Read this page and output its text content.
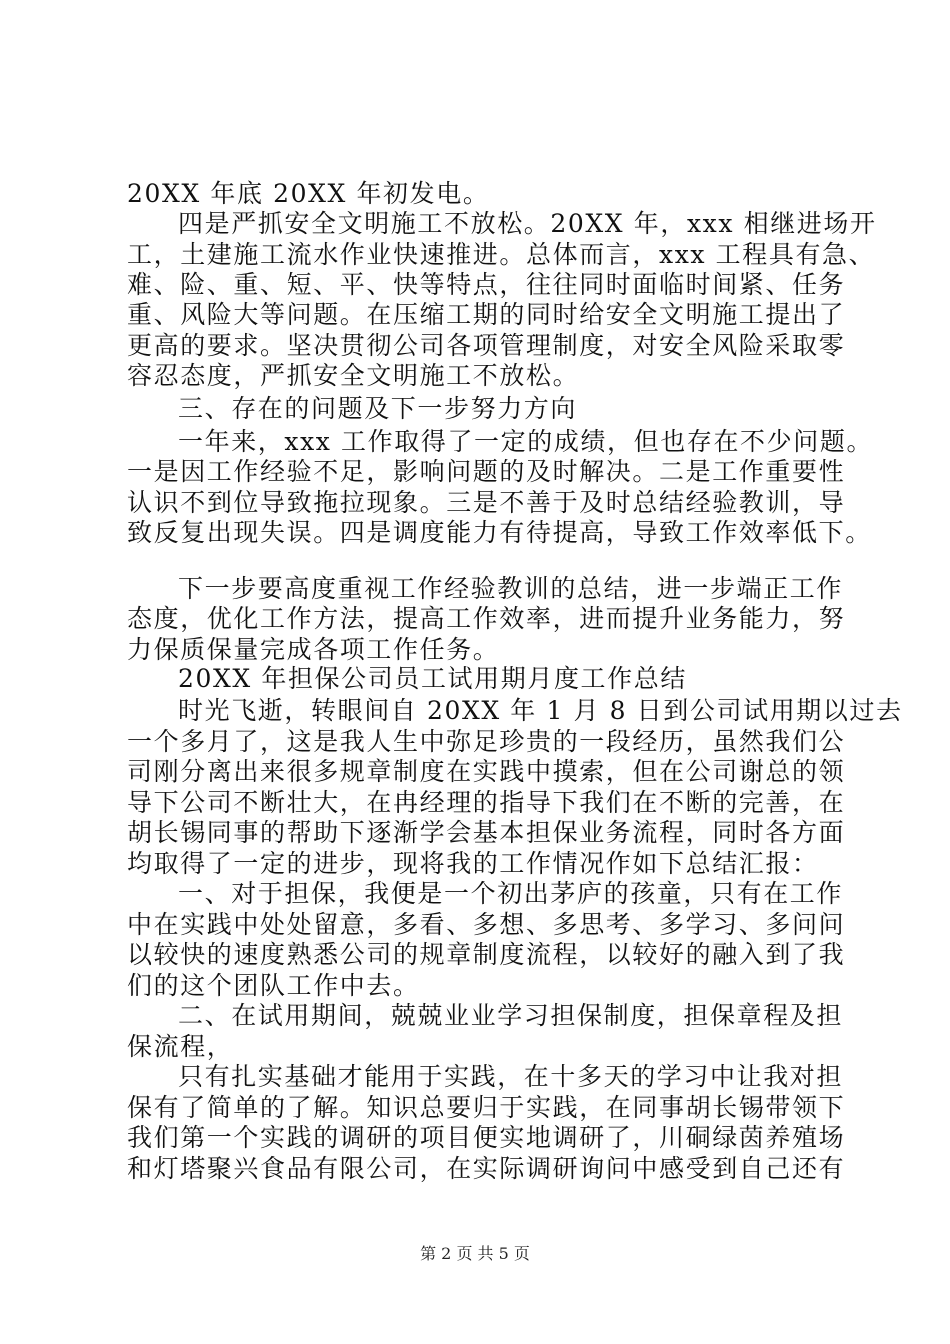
20XX 年底 20XX 年初发电。
四是严抓安全文明施工不放松。20XX 年，xxx 相继进场开
工，土建施工流水作业快速推进。总体而言，xxx 工程具有急、
难、险、重、短、平、快等特点，往往同时面临时间紧、任务
重、风险大等问题。在压缩工期的同时给安全文明施工提出了
更高的要求。坚决贯彻公司各项管理制度，对安全风险采取零
容忍态度，严抓安全文明施工不放松。
三、存在的问题及下一步努力方向
一年来，xxx 工作取得了一定的成绩，但也存在不少问题。
一是因工作经验不足，影响问题的及时解决。二是工作重要性
认识不到位导致拖拉现象。三是不善于及时总结经验教训，导
致反复出现失误。四是调度能力有待提高，导致工作效率低下。
下一步要高度重视工作经验教训的总结，进一步端正工作
态度，优化工作方法，提高工作效率，进而提升业务能力，努
力保质保量完成各项工作任务。
20XX 年担保公司员工试用期月度工作总结
时光飞逝，转眼间自 20XX 年 1 月 8 日到公司试用期以过去
一个多月了，这是我人生中弥足珍贵的一段经历，虽然我们公
司刚分离出来很多规章制度在实践中摸索，但在公司谢总的领
导下公司不断壮大，在冉经理的指导下我们在不断的完善，在
胡长锡同事的帮助下逐渐学会基本担保业务流程，同时各方面
均取得了一定的进步，现将我的工作情况作如下总结汇报：
一、对于担保，我便是一个初出茅庐的孩童，只有在工作
中在实践中处处留意，多看、多想、多思考、多学习、多问问
以较快的速度熟悉公司的规章制度流程，以较好的融入到了我
们的这个团队工作中去。
二、在试用期间，兢兢业业学习担保制度，担保章程及担
保流程，
只有扎实基础才能用于实践，在十多天的学习中让我对担
保有了简单的了解。知识总要归于实践，在同事胡长锡带领下
我们第一个实践的调研的项目便实地调研了，川硐绿茵养殖场
和灯塔聚兴食品有限公司，在实际调研询问中感受到自己还有
第 2 页 共 5 页
